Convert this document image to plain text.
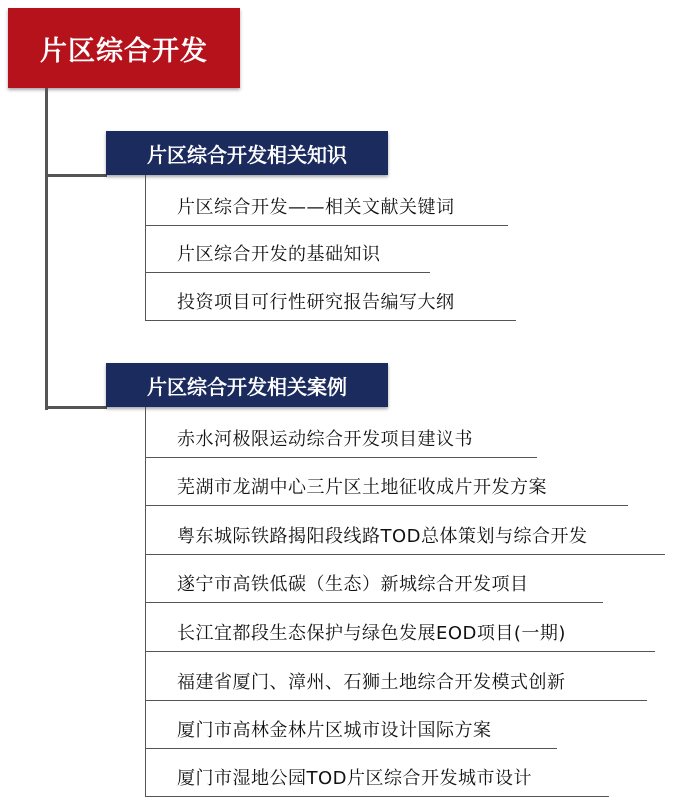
片区综合开发
片区综合开发相关知识
片区综合开发——相关文献关键词
片区综合开发的基础知识
投资项目可行性研究报告编写大纲
片区综合开发相关案例
赤水河极限运动综合开发项目建议书
芜湖市龙湖中心三片区土地征收成片开发方案
粤东城际铁路揭阳段线路TOD总体策划与综合开发
遂宁市高铁低碳（生态）新城综合开发项目
长江宜都段生态保护与绿色发展EOD项目(一期)
福建省厦门、漳州、石狮土地综合开发模式创新
厦门市高林金林片区城市设计国际方案
厦门市湿地公园TOD片区综合开发城市设计
